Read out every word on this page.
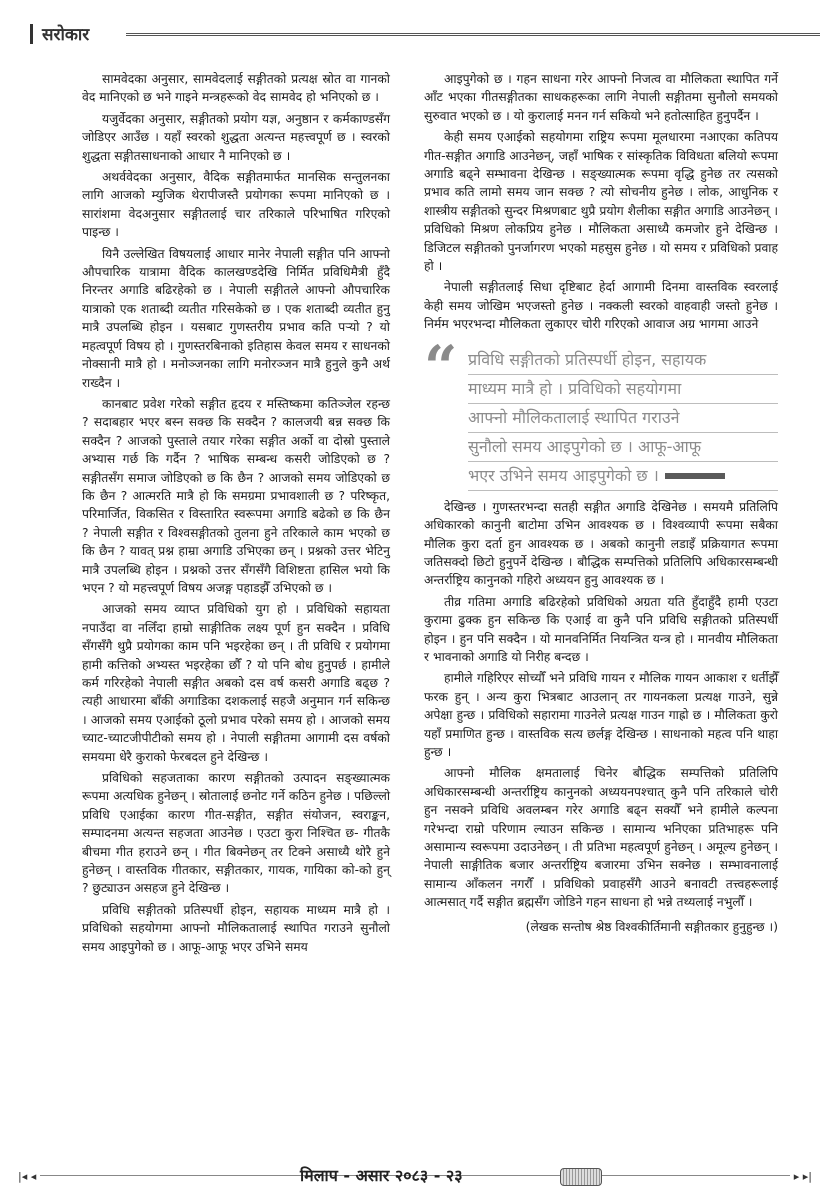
सरोकार

सामवेदका अनुसार, सामवेदलाई सङ्गीतको प्रत्यक्ष स्रोत वा गानको वेद मानिएको छ भने गाइने मन्त्रहरूको वेद सामवेद हो भनिएको छ ।

यजुर्वेदका अनुसार, सङ्गीतको प्रयोग यज्ञ, अनुष्ठान र कर्मकाण्डसँग जोडिएर आउँछ । यहाँ स्वरको शुद्धता अत्यन्त महत्त्वपूर्ण छ । स्वरको शुद्धता सङ्गीतसाधनाको आधार नै मानिएको छ ।

अथर्ववेदका अनुसार, वैदिक सङ्गीतमार्फत मानसिक सन्तुलनका लागि आजको म्युजिक थेरापीजस्तै प्रयोगका रूपमा मानिएको छ । सारांशमा वेदअनुसार सङ्गीतलाई चार तरिकाले परिभाषित गरिएको पाइन्छ ।

यिनै उल्लेखित विषयलाई आधार मानेर नेपाली सङ्गीत पनि आफ्नो औपचारिक यात्रामा वैदिक कालखण्डदेखि निर्मित प्रविधिमैत्री हुँदै निरन्तर अगाडि बढिरहेको छ । नेपाली सङ्गीतले आफ्नो औपचारिक यात्राको एक शताब्दी व्यतीत गरिसकेको छ । एक शताब्दी व्यतीत हुनु मात्रै उपलब्धि होइन । यसबाट गुणस्तरीय प्रभाव कति पऱ्यो ? यो महत्वपूर्ण विषय हो । गुणस्तरबिनाको इतिहास केवल समय र साधनको नोक्सानी मात्रै हो । मनोञ्जनका लागि मनोरञ्जन मात्रै हुनुले कुनै अर्थ राख्दैन ।

कानबाट प्रवेश गरेको सङ्गीत हृदय र मस्तिष्कमा कतिञ्जेल रहन्छ ? सदाबहार भएर बस्न सक्छ कि सक्दैन ? कालजयी बन्न सक्छ कि सक्दैन ? आजको पुस्ताले तयार गरेका सङ्गीत अर्को वा दोस्रो पुस्ताले अभ्यास गर्छ कि गर्दैन ? भाषिक सम्बन्ध कसरी जोडिएको छ ? सङ्गीतसँग समाज जोडिएको छ कि छैन ? आजको समय जोडिएको छ कि छैन ? आत्मरति मात्रै हो कि समग्रमा प्रभावशाली छ ? परिष्कृत, परिमार्जित, विकसित र विस्तारित स्वरूपमा अगाडि बढेको छ कि छैन ? नेपाली सङ्गीत र विश्वसङ्गीतको तुलना हुने तरिकाले काम भएको छ कि छैन ? यावत् प्रश्न हाम्रा अगाडि उभिएका छन् । प्रश्नको उत्तर भेटिनु मात्रै उपलब्धि होइन । प्रश्नको उत्तर सँगसँगै विशिष्टता हासिल भयो कि भएन ? यो महत्त्वपूर्ण विषय अजङ्ग पहाडझैँ उभिएको छ ।

आजको समय व्याप्त प्रविधिको युग हो । प्रविधिको सहायता नपाउँदा वा नलिँदा हाम्रो साङ्गीतिक लक्ष्य पूर्ण हुन सक्दैन । प्रविधि सँगसँगै थुप्रै प्रयोगका काम पनि भइरहेका छन् । ती प्रविधि र प्रयोगमा हामी कत्तिको अभ्यस्त भइरहेका छौँ ? यो पनि बोध हुनुपर्छ । हामीले कर्म गरिरहेको नेपाली सङ्गीत अबको दस वर्ष कसरी अगाडि बढ्छ ? त्यही आधारमा बाँकी अगाडिका दशकलाई सहजै अनुमान गर्न सकिन्छ । आजको समय एआईको ठूलो प्रभाव परेको समय हो । आजको समय च्याट-च्याटजीपीटीको समय हो । नेपाली सङ्गीतमा आगामी दस वर्षको समयमा धेरै कुराको फेरबदल हुने देखिन्छ ।

प्रविधिको सहजताका कारण सङ्गीतको उत्पादन सङ्ख्यात्मक रूपमा अत्यधिक हुनेछन् । स्रोतालाई छनोट गर्ने कठिन हुनेछ । पछिल्लो प्रविधि एआईका कारण गीत-सङ्गीत, सङ्गीत संयोजन, स्वराङ्कन, सम्पादनमा अत्यन्त सहजता आउनेछ । एउटा कुरा निश्चित छ- गीतकै बीचमा गीत हराउने छन् । गीत बिक्नेछन् तर टिक्ने असाध्यै थोरै हुने हुनेछन् । वास्तविक गीतकार, सङ्गीतकार, गायक, गायिका को-को हुन् ? छुट्याउन असहज हुने देखिन्छ ।

प्रविधि सङ्गीतको प्रतिस्पर्धी होइन, सहायक माध्यम मात्रै हो । प्रविधिको सहयोगमा आफ्नो मौलिकतालाई स्थापित गराउने सुनौलो समय आइपुगेको छ । आफू-आफू भएर उभिने समय

आइपुगेको छ । गहन साधना गरेर आफ्नो निजत्व वा मौलिकता स्थापित गर्ने आँट भएका गीतसङ्गीतका साधकहरूका लागि नेपाली सङ्गीतमा सुनौलो समयको सुरुवात भएको छ । यो कुरालाई मनन गर्न सकियो भने हतोत्साहित हुनुपर्दैन ।

केही समय एआईको सहयोगमा राष्ट्रिय रूपमा मूलधारमा नआएका कतिपय गीत-सङ्गीत अगाडि आउनेछन्, जहाँ भाषिक र सांस्कृतिक विविधता बलियो रूपमा अगाडि बढ्ने सम्भावना देखिन्छ । सङ्ख्यात्मक रूपमा वृद्धि हुनेछ तर त्यसको प्रभाव कति लामो समय जान सक्छ ? त्यो सोचनीय हुनेछ । लोक, आधुनिक र शास्त्रीय सङ्गीतको सुन्दर मिश्रणबाट थुप्रै प्रयोग शैलीका सङ्गीत अगाडि आउनेछन् । प्रविधिको मिश्रण लोकप्रिय हुनेछ । मौलिकता असाध्यै कमजोर हुने देखिन्छ । डिजिटल सङ्गीतको पुनर्जागरण भएको महसुस हुनेछ । यो समय र प्रविधिको प्रवाह हो ।

नेपाली सङ्गीतलाई सिधा दृष्टिबाट हेर्दा आगामी दिनमा वास्तविक स्वरलाई केही समय जोखिम भएजस्तो हुनेछ । नक्कली स्वरको वाहवाही जस्तो हुनेछ । निर्मम भएरभन्दा मौलिकता लुकाएर चोरी गरिएको आवाज अग्र भागमा आउने

“ प्रविधि सङ्गीतको प्रतिस्पर्धी होइन, सहायक
माध्यम मात्रै हो । प्रविधिको सहयोगमा
आफ्नो मौलिकतालाई स्थापित गराउने
सुनौलो समय आइपुगेको छ । आफू-आफू
भएर उभिने समय आइपुगेको छ ।

देखिन्छ । गुणस्तरभन्दा सतही सङ्गीत अगाडि देखिनेछ । समयमै प्रतिलिपि अधिकारको कानुनी बाटोमा उभिन आवश्यक छ । विश्वव्यापी रूपमा सबैका मौलिक कुरा दर्ता हुन आवश्यक छ । अबको कानुनी लडाइँ प्रक्रियागत रूपमा जतिसक्दो छिटो हुनुपर्ने देखिन्छ । बौद्धिक सम्पत्तिको प्रतिलिपि अधिकारसम्बन्धी अन्तर्राष्ट्रिय कानुनको गहिरो अध्ययन हुनु आवश्यक छ ।

तीव्र गतिमा अगाडि बढिरहेको प्रविधिको अग्रता यति हुँदाहुँदै हामी एउटा कुरामा ढुक्क हुन सकिन्छ कि एआई वा कुनै पनि प्रविधि सङ्गीतको प्रतिस्पर्धी होइन । हुन पनि सक्दैन । यो मानवनिर्मित नियन्त्रित यन्त्र हो । मानवीय मौलिकता र भावनाको अगाडि यो निरीह बन्दछ ।

हामीले गहिरिएर सोच्यौँ भने प्रविधि गायन र मौलिक गायन आकाश र धर्तीझैँ फरक हुन् । अन्य कुरा भित्रबाट आउलान् तर गायनकला प्रत्यक्ष गाउने, सुन्ने अपेक्षा हुन्छ । प्रविधिको सहारामा गाउनेले प्रत्यक्ष गाउन गाह्रो छ । मौलिकता कुरो यहाँ प्रमाणित हुन्छ । वास्तविक सत्य छर्लङ्ग देखिन्छ । साधनाको महत्व पनि थाहा हुन्छ ।

आफ्नो मौलिक क्षमतालाई चिनेर बौद्धिक सम्पत्तिको प्रतिलिपि अधिकारसम्बन्धी अन्तर्राष्ट्रिय कानुनको अध्ययनपश्चात् कुनै पनि तरिकाले चोरी हुन नसक्ने प्रविधि अवलम्बन गरेर अगाडि बढ्न सक्यौँ भने हामीले कल्पना गरेभन्दा राम्रो परिणाम ल्याउन सकिन्छ । सामान्य भनिएका प्रतिभाहरू पनि असामान्य स्वरूपमा उदाउनेछन् । ती प्रतिभा महत्वपूर्ण हुनेछन् । अमूल्य हुनेछन् । नेपाली साङ्गीतिक बजार अन्तर्राष्ट्रिय बजारमा उभिन सक्नेछ । सम्भावनालाई सामान्य आँकलन नगरौँ । प्रविधिको प्रवाहसँगै आउने बनावटी तत्त्वहरूलाई आत्मसात् गर्दै सङ्गीत ब्रह्मसँग जोडिने गहन साधना हो भन्ने तथ्यलाई नभुलौँ ।

(लेखक सन्तोष श्रेष्ठ विश्वकीर्तिमानी सङ्गीतकार हुनुहुन्छ ।)

|◂ ◂	मिलाप - असार २०८३ - २३	▸ ▸|
